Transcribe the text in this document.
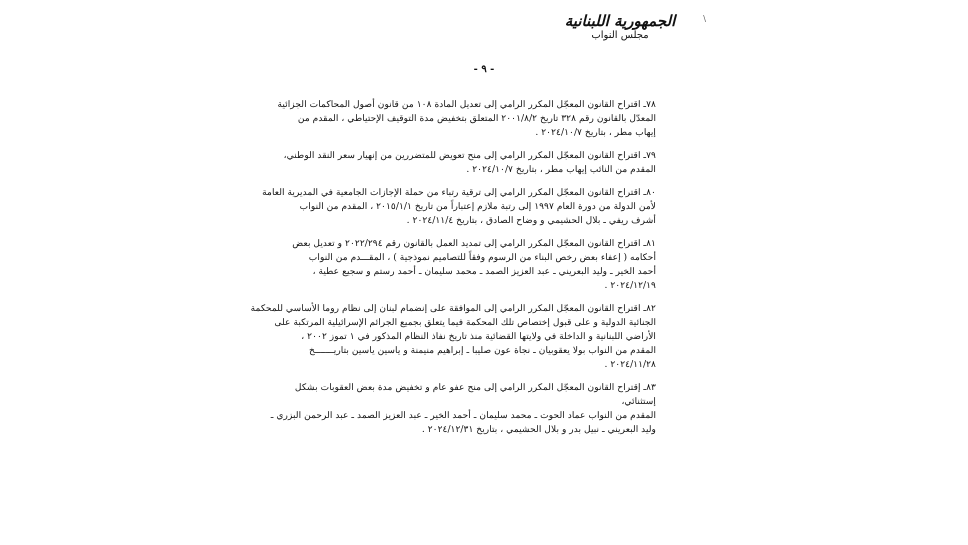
\
الجمهورية اللبنانية
مجلس النواب
- ٩ -
٧٨ـ اقتراح القانون المعجّل المكرر الرامي إلى تعديل المادة ١٠٨ من قانون أصول المحاكمات الجزائية
المعدّل بالقانون رقم ٣٢٨ تاريخ ٢٠٠١/٨/٢ المتعلق بتخفيض مدة التوقيف الإحتياطي ، المقدم من
إيهاب مطر ، بتاريخ ٢٠٢٤/١٠/٧ .
٧٩ـ اقتراح القانون المعجّل المكرر الرامي إلى منح تعويض للمتضررين من إنهيار سعر النقد الوطني،
المقدم من النائب إيهاب مطر ، بتاريخ ٢٠٢٤/١٠/٧ .
٨٠ـ اقتراح القانون المعجّل المكرر الرامي إلى ترقية رتباء من حملة الإجازات الجامعية في المديرية العامة
لأمن الدولة من دورة العام ١٩٩٧ إلى رتبة ملازم إعتباراً من تاريخ ٢٠١٥/١/١ ، المقدم من النواب
أشرف ريفي ـ بلال الحشيمي و وضاح الصادق ، بتاريخ ٢٠٢٤/١١/٤ .
٨١ـ اقتراح القانون المعجّل المكرر الرامي إلى تمديد العمل بالقانون رقم ٢٠٢٢/٢٩٤ و تعديل بعض
أحكامه ( إعفاء بعض رخص البناء من الرسوم وفقاً للتصاميم نموذجية ) ، المقـــدم من النواب
أحمد الخير ـ وليد البعريني ـ عبد العزيز الصمد ـ محمد سليمان ـ أحمد رستم و سجيع عطية ،
٢٠٢٤/١٢/١٩ .
٨٢ـ اقتراح القانون المعجّل المكرر الرامي إلى الموافقة على إنضمام لبنان إلى نظام روما الأساسي للمحكمة
الجنائية الدولية و على قبول إختصاص تلك المحكمة فيما يتعلق بجميع الجرائم الإسرائيلية المرتكبة على
الأراضي اللبنانية و الداخلة في ولايتها القضائية منذ تاريخ نفاذ النظام المذكور في ١ تموز ٢٠٠٢ ،
المقدم من النواب بولا يعقوبيان ـ نجاة عون صليبا ـ إبراهيم منيمنة و ياسين ياسين بتاريـــــــخ
٢٠٢٤/١١/٢٨ .
٨٣ـ إقتراح القانون المعجّل المكرر الرامي إلى منح عفو عام و تخفيض مدة بعض العقوبات بشكل
إستثنائي،
المقدم من النواب عماد الحوت ـ محمد سليمان ـ أحمد الخير ـ عبد العزيز الصمد ـ عبد الرحمن البزري ـ
وليد البعريني ـ نبيل بدر و بلال الحشيمي ، بتاريخ ٢٠٢٤/١٢/٣١ .
